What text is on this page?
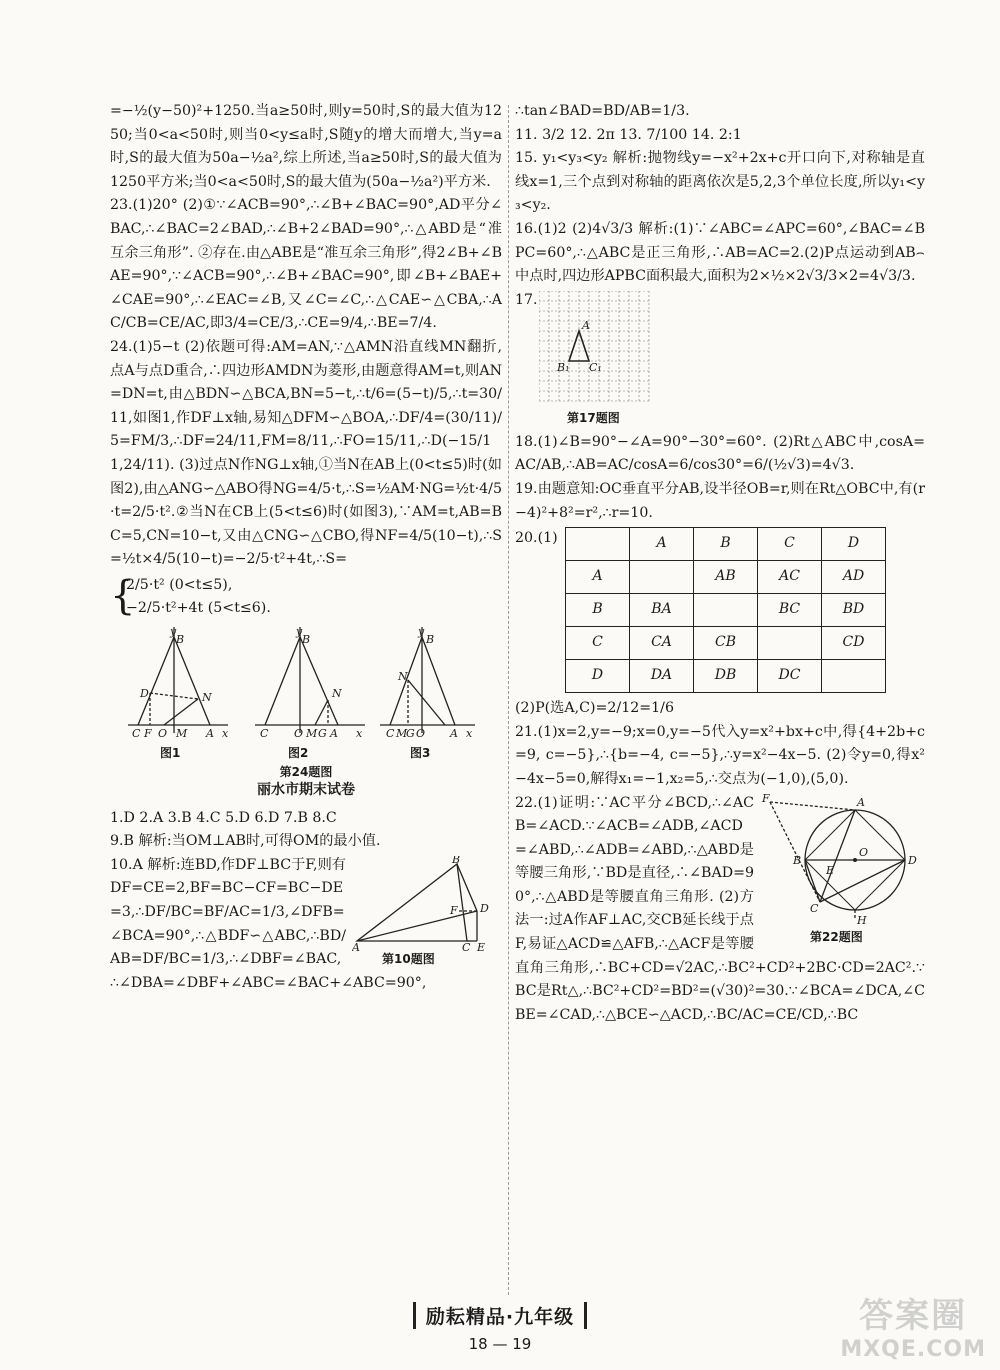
=−½(y−50)²+1250.当a≥50时,则y=50时,S的最大值为1250;当0<a<50时,则当0<y≤a时,S随y的增大而增大,当y=a时,S的最大值为50a−½a²,综上所述,当a≥50时,S的最大值为1250平方米;当0<a<50时,S的最大值为(50a−½a²)平方米.

23.(1)20° (2)①∵∠ACB=90°,∴∠B+∠BAC=90°,AD平分∠BAC,∴∠BAC=2∠BAD,∴∠B+2∠BAD=90°,∴△ABD是“准互余三角形”. ②存在.由△ABE是“准互余三角形”,得2∠B+∠BAE=90°,∵∠ACB=90°,∴∠B+∠BAC=90°,即∠B+∠BAE+∠CAE=90°,∴∠EAC=∠B,又∠C=∠C,∴△CAE∽△CBA,∴AC/CB=CE/AC,即3/4=CE/3,∴CE=9/4,∴BE=7/4.

24.(1)5−t (2)依题可得:AM=AN,∵△AMN沿直线MN翻折,点A与点D重合,∴四边形AMDN为菱形,由题意得AM=t,则AN=DN=t,由△BDN∽△BCA,BN=5−t,∴t/6=(5−t)/5,∴t=30/11,如图1,作DF⊥x轴,易知△DFM∽△BOA,∴DF/4=(30/11)/5=FM/3,∴DF=24/11,FM=8/11,∴FO=15/11,∴D(−15/11,24/11). (3)过点N作NG⊥x轴,①当N在AB上(0<t≤5)时(如图2),由△ANG∽△ABO得NG=4/5·t,∴S=½AM·NG=½t·4/5·t=2/5·t².②当N在CB上(5<t≤6)时(如图3),∵AM=t,AB=BC=5,CN=10−t,又由△CNG∽△CBO,得NF=4/5(10−t),∴S=½t×4/5(10−t)=−2/5·t²+4t,∴S=

{
2/5·t² (0<t≤5),
−2/5·t²+4t (5<t≤6).
y
B
D	N
C F O M A x
y
B
N
C O M G A x
y
B
N
C M
G O A x
图1	图2	图3
第24题图
丽水市期末试卷

1.D 2.A 3.B 4.C 5.D 6.D 7.B 8.C

9.B 解析:当OM⊥AB时,可得OM的最小值.

B
D
F
A	C E
第10题图

10.A 解析:连BD,作DF⊥BC于F,则有DF=CE=2,BF=BC−CF=BC−DE=3,∴DF/BC=BF/AC=1/3,∠DFB=∠BCA=90°,∴△BDF∽△ABC,∴BD/AB=DF/BC=1/3,∴∠DBF=∠BAC,∴∠DBA=∠DBF+∠ABC=∠BAC+∠ABC=90°,

∴tan∠BAD=BD/AB=1/3.

11. 3/2 12. 2π 13. 7/100 14. 2:1

15. y₁<y₃<y₂ 解析:抛物线y=−x²+2x+c开口向下,对称轴是直线x=1,三个点到对称轴的距离依次是5,2,3个单位长度,所以y₁<y₃<y₂.

16.(1)2 (2)4√3/3 解析:(1)∵∠ABC=∠APC=60°,∠BAC=∠BPC=60°,∴△ABC是正三角形,∴AB=AC=2.(2)P点运动到AB⌢中点时,四边形APBC面积最大,面积为2×½×2√3/3×2=4√3/3.

17.
A
B₁ C₁
第17题图

18.(1)∠B=90°−∠A=90°−30°=60°. (2)Rt△ABC中,cosA=AC/AB,∴AB=AC/cosA=6/cos30°=6/(½√3)=4√3.

19.由题意知:OC垂直平分AB,设半径OB=r,则在Rt△OBC中,有(r−4)²+8²=r²,∴r=10.

20.(1)
		A	B	C	D
A		AB	AC	AD
B	BA		BC	BD
C	CA	CB		CD
D	DA	DB	DC	

(2)P(选A,C)=2/12=1/6

21.(1)x=2,y=−9;x=0,y=−5代入y=x²+bx+c中,得{4+2b+c=9, c=−5},∴{b=−4, c=−5},∴y=x²−4x−5. (2)令y=0,得x²−4x−5=0,解得x₁=−1,x₂=5,∴交点为(−1,0),(5,0).

F	A
B
O
D
E
C
H
第22题图

22.(1)证明:∵AC平分∠BCD,∴∠ACB=∠ACD.∵∠ACB=∠ADB,∠ACD=∠ABD,∴∠ADB=∠ABD,∴△ABD是等腰三角形,∵BD是直径,∴∠BAD=90°,∴△ABD是等腰直角三角形. (2)方法一:过A作AF⊥AC,交CB延长线于点F,易证△ACD≌△AFB,∴△ACF是等腰直角三角形,∴BC+CD=√2AC,∴BC²+CD²+2BC·CD=2AC².∵BC是Rt△,∴BC²+CD²=BD²=(√30)²=30.∵∠BCA=∠DCA,∠CBE=∠CAD,∴△BCE∽△ACD,∴BC/AC=CE/CD,∴BC

励耘精品·九年级
18 — 19
答案圈
MXQE.COM
